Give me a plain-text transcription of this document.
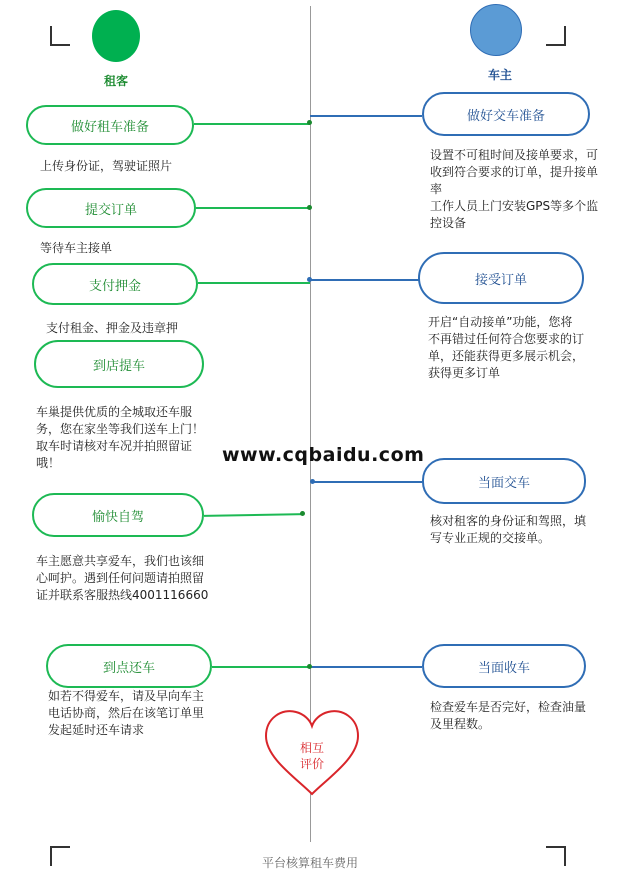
租客	车主
做好租车准备
提交订单
支付押金
到店提车
愉快自驾
到点还车
上传身份证，驾驶证照片
等待车主接单
支付租金、押金及违章押
车巢提供优质的全城取还车服
务，您在家坐等我们送车上门！
取车时请核对车况并拍照留证
哦！
车主愿意共享爱车，我们也该细
心呵护。遇到任何问题请拍照留
证并联系客服热线4001116660
如若不得爱车，请及早向车主
电话协商，然后在该笔订单里
发起延时还车请求
做好交车准备
接受订单
当面交车
当面收车
设置不可租时间及接单要求，可
收到符合要求的订单，提升接单
率
工作人员上门安装GPS等多个监
控设备
开启“自动接单”功能，您将
不再错过任何符合您要求的订
单，还能获得更多展示机会，
获得更多订单
核对租客的身份证和驾照，填
写专业正规的交接单。
检查爱车是否完好，检查油量
及里程数。
相互
评价
www.cqbaidu.com
平台核算租车费用
